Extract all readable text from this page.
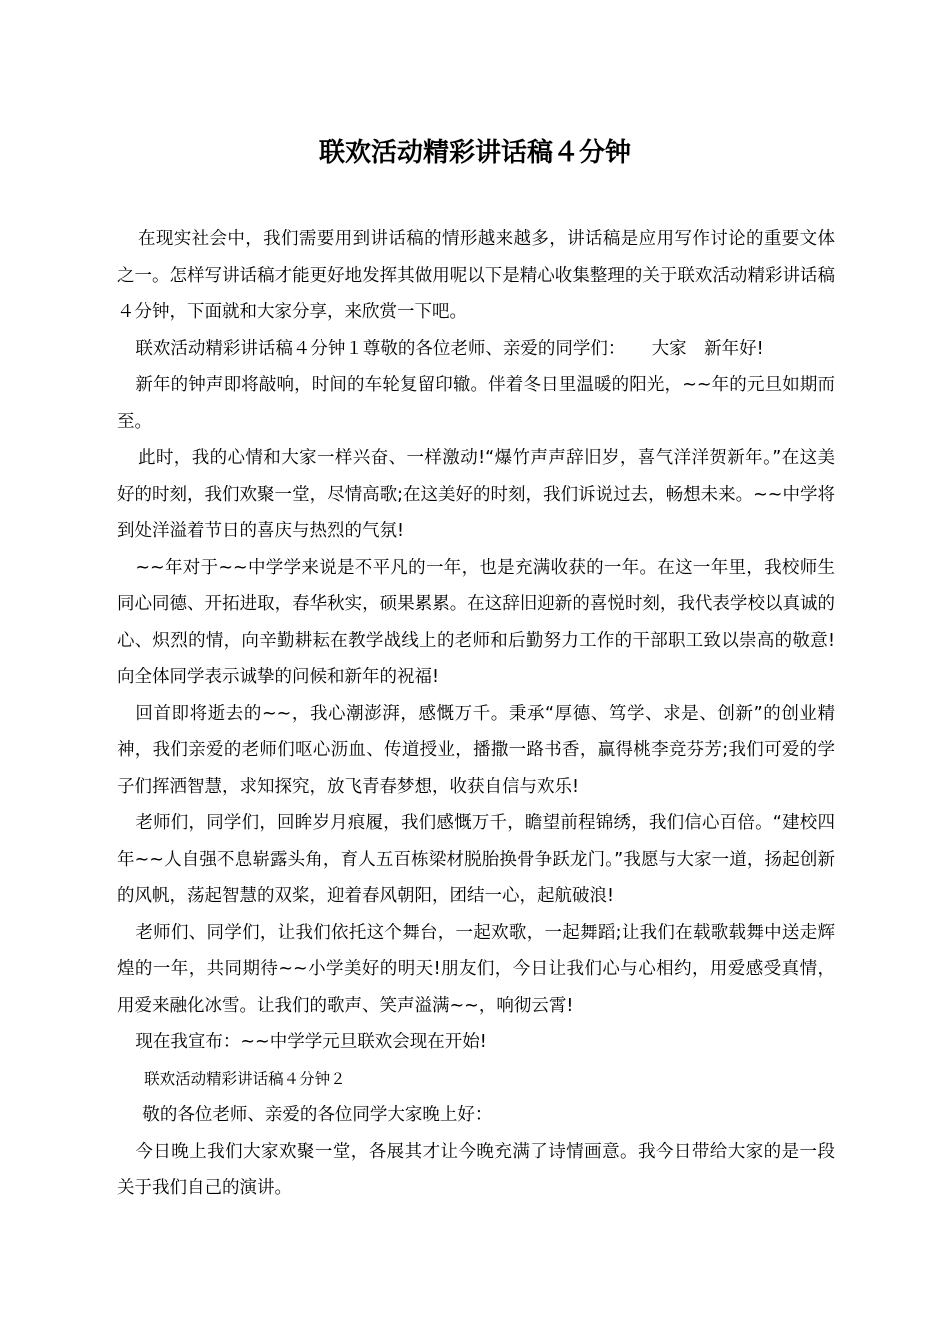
联欢活动精彩讲话稿４分钟

在现实社会中，我们需要用到讲话稿的情形越来越多，讲话稿是应用写作讨论的重要文体之一。怎样写讲话稿才能更好地发挥其做用呢以下是精心收集整理的关于联欢活动精彩讲话稿４分钟，下面就和大家分享，来欣赏一下吧。

联欢活动精彩讲话稿４分钟１尊敬的各位老师、亲爱的同学们：　　大家　新年好!

新年的钟声即将敲响，时间的车轮复留印辙。伴着冬日里温暖的阳光，~~年的元旦如期而至。

此时，我的心情和大家一样兴奋、一样激动!“爆竹声声辞旧岁，喜气洋洋贺新年。”在这美好的时刻，我们欢聚一堂，尽情高歌;在这美好的时刻，我们诉说过去，畅想未来。~~中学将到处洋溢着节日的喜庆与热烈的气氛!

~~年对于~~中学学来说是不平凡的一年，也是充满收获的一年。在这一年里，我校师生同心同德、开拓进取，春华秋实，硕果累累。在这辞旧迎新的喜悦时刻，我代表学校以真诚的心、炽烈的情，向辛勤耕耘在教学战线上的老师和后勤努力工作的干部职工致以崇高的敬意!向全体同学表示诚挚的问候和新年的祝福!

回首即将逝去的~~，我心潮澎湃，感慨万千。秉承“厚德、笃学、求是、创新”的创业精神，我们亲爱的老师们呕心沥血、传道授业，播撒一路书香，赢得桃李竞芬芳;我们可爱的学子们挥洒智慧，求知探究，放飞青春梦想，收获自信与欢乐!

老师们，同学们，回眸岁月痕履，我们感慨万千，瞻望前程锦绣，我们信心百倍。“建校四年~~人自强不息崭露头角，育人五百栋梁材脱胎换骨争跃龙门。”我愿与大家一道，扬起创新的风帆，荡起智慧的双桨，迎着春风朝阳，团结一心，起航破浪!

老师们、同学们，让我们依托这个舞台，一起欢歌，一起舞蹈;让我们在载歌载舞中送走辉煌的一年，共同期待~~小学美好的明天!朋友们，今日让我们心与心相约，用爱感受真情，用爱来融化冰雪。让我们的歌声、笑声溢满~~，响彻云霄!

现在我宣布：~~中学学元旦联欢会现在开始!

联欢活动精彩讲话稿４分钟２

敬的各位老师、亲爱的各位同学大家晚上好：

今日晚上我们大家欢聚一堂，各展其才让今晚充满了诗情画意。我今日带给大家的是一段关于我们自己的演讲。
